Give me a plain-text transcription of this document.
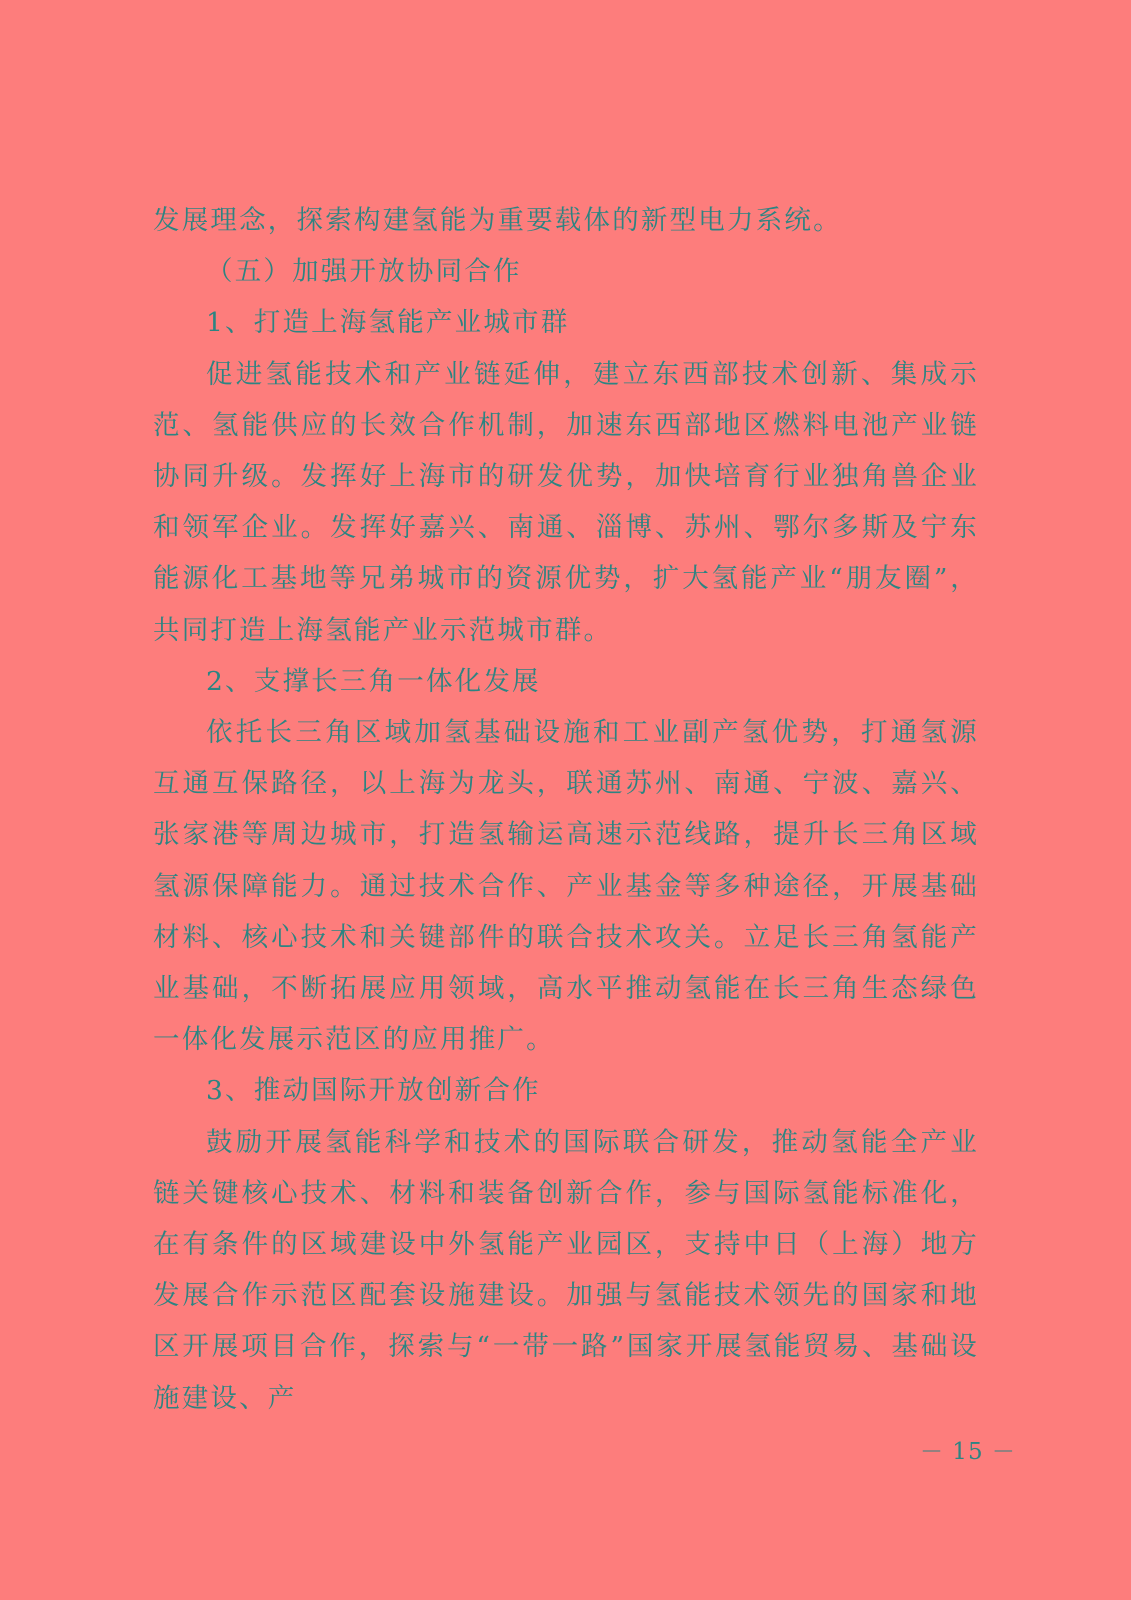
发展理念，探索构建氢能为重要载体的新型电力系统。

（五）加强开放协同合作

1、打造上海氢能产业城市群

促进氢能技术和产业链延伸，建立东西部技术创新、集成示范、氢能供应的长效合作机制，加速东西部地区燃料电池产业链协同升级。发挥好上海市的研发优势，加快培育行业独角兽企业和领军企业。发挥好嘉兴、南通、淄博、苏州、鄂尔多斯及宁东能源化工基地等兄弟城市的资源优势，扩大氢能产业“朋友圈”，共同打造上海氢能产业示范城市群。

2、支撑长三角一体化发展

依托长三角区域加氢基础设施和工业副产氢优势，打通氢源互通互保路径，以上海为龙头，联通苏州、南通、宁波、嘉兴、张家港等周边城市，打造氢输运高速示范线路，提升长三角区域氢源保障能力。通过技术合作、产业基金等多种途径，开展基础材料、核心技术和关键部件的联合技术攻关。立足长三角氢能产业基础，不断拓展应用领域，高水平推动氢能在长三角生态绿色一体化发展示范区的应用推广。

3、推动国际开放创新合作

鼓励开展氢能科学和技术的国际联合研发，推动氢能全产业链关键核心技术、材料和装备创新合作，参与国际氢能标准化，在有条件的区域建设中外氢能产业园区，支持中日（上海）地方发展合作示范区配套设施建设。加强与氢能技术领先的国家和地区开展项目合作，探索与“一带一路”国家开展氢能贸易、基础设施建设、产

－ 15 －
